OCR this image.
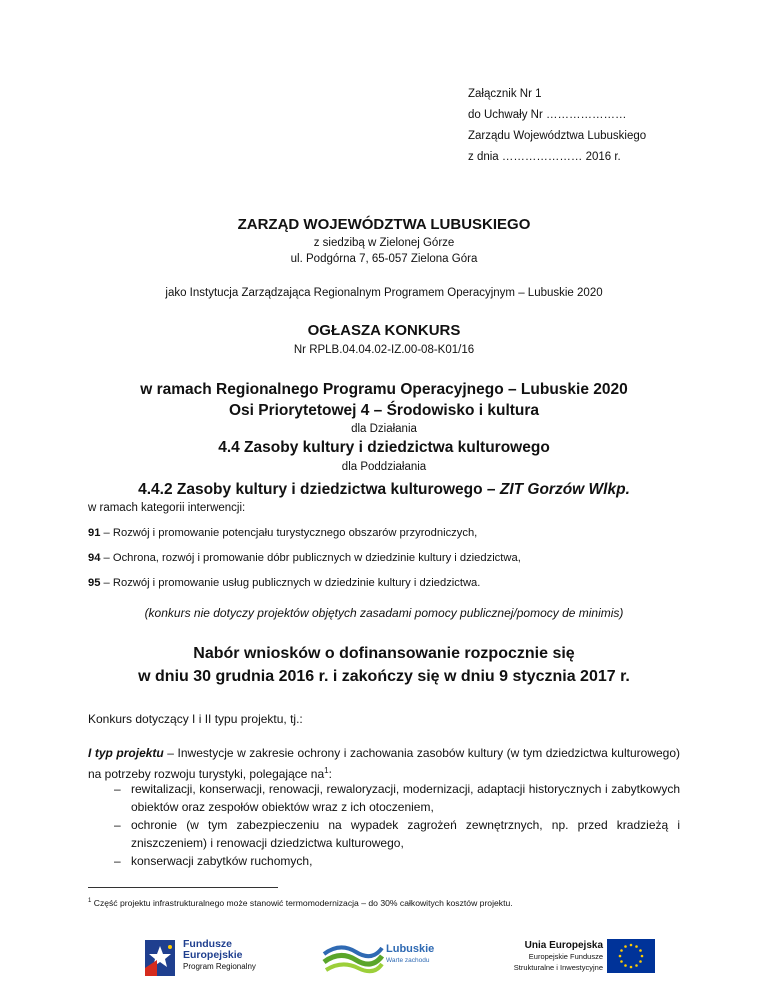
Załącznik Nr 1
do Uchwały Nr …………………
Zarządu Województwa Lubuskiego
z dnia ………………… 2016 r.
ZARZĄD WOJEWÓDZTWA LUBUSKIEGO
z siedzibą w Zielonej Górze
ul. Podgórna 7, 65-057 Zielona Góra
jako Instytucja Zarządzająca Regionalnym Programem Operacyjnym – Lubuskie 2020
OGŁASZA KONKURS
Nr RPLB.04.04.02-IZ.00-08-K01/16
w ramach Regionalnego Programu Operacyjnego – Lubuskie 2020
Osi Priorytetowej 4 – Środowisko i kultura
dla Działania
4.4 Zasoby kultury i dziedzictwa kulturowego
dla Poddziałania
4.4.2 Zasoby kultury i dziedzictwa kulturowego – ZIT Gorzów Wlkp.
w ramach kategorii interwencji:
91 – Rozwój i promowanie potencjału turystycznego obszarów przyrodniczych,
94 – Ochrona, rozwój i promowanie dóbr publicznych w dziedzinie kultury i dziedzictwa,
95 – Rozwój i promowanie usług publicznych w dziedzinie kultury i dziedzictwa.
(konkurs nie dotyczy projektów objętych zasadami pomocy publicznej/pomocy de minimis)
Nabór wniosków o dofinansowanie rozpocznie się
w dniu 30 grudnia 2016 r. i zakończy się w dniu 9 stycznia 2017 r.
Konkurs dotyczący I i II typu projektu, tj.:
I typ projektu – Inwestycje w zakresie ochrony i zachowania zasobów kultury (w tym dziedzictwa kulturowego) na potrzeby rozwoju turystyki, polegające $na^1$:
– rewitalizacji, konserwacji, renowacji, rewaloryzacji, modernizacji, adaptacji historycznych i zabytkowych obiektów oraz zespołów obiektów wraz z ich otoczeniem,
– ochronie (w tym zabezpieczeniu na wypadek zagrożeń zewnętrznych, np. przed kradzieżą i zniszczeniem) i renowacji dziedzictwa kulturowego,
– konserwacji zabytków ruchomych,
$^1$ Część projektu infrastrukturalnego może stanowić termomodernizacja – do 30% całkowitych kosztów projektu.
Fundusze
Europejskie
Program Regionalny
Lubuskie
Warte zachodu
Unia Europejska
Europejskie Fundusze
Strukturalne i Inwestycyjne
